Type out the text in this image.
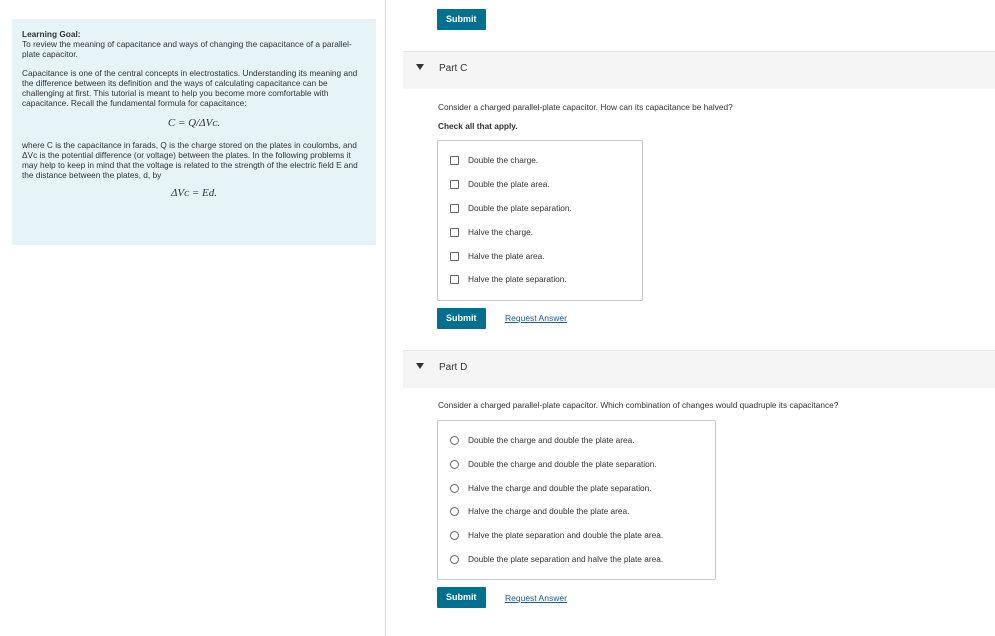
Learning Goal:

To review the meaning of capacitance and ways of changing the capacitance of a parallel-plate capacitor.

Capacitance is one of the central concepts in electrostatics. Understanding its meaning and the difference between its definition and the ways of calculating capacitance can be challenging at first. This tutorial is meant to help you become more comfortable with capacitance. Recall the fundamental formula for capacitance:

C = Q/ΔVᴄ.

where C is the capacitance in farads, Q is the charge stored on the plates in coulombs, and ΔVᴄ is the potential difference (or voltage) between the plates. In the following problems it may help to keep in mind that the voltage is related to the strength of the electric field E and the distance between the plates, d, by

ΔVᴄ = Ed.
Submit
Part C
Consider a charged parallel-plate capacitor. How can its capacitance be halved?
Check all that apply.
Double the charge.
Double the plate area.
Double the plate separation.
Halve the charge.
Halve the plate area.
Halve the plate separation.
Submit	Request Answer
Part D
Consider a charged parallel-plate capacitor. Which combination of changes would quadruple its capacitance?
Double the charge and double the plate area.
Double the charge and double the plate separation.
Halve the charge and double the plate separation.
Halve the charge and double the plate area.
Halve the plate separation and double the plate area.
Double the plate separation and halve the plate area.
Submit	Request Answer
